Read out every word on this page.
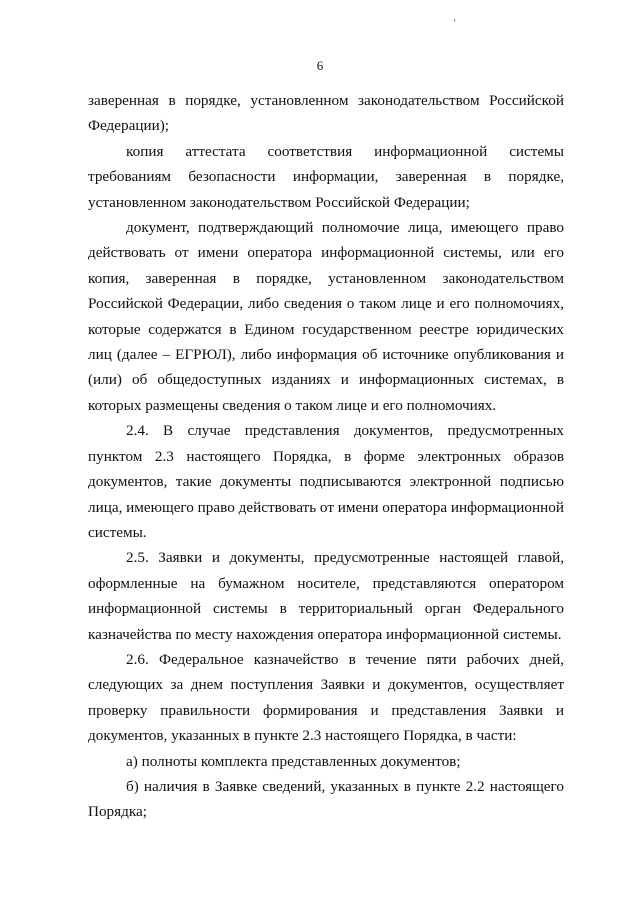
‘
6

заверенная в порядке, установленном законодательством Российской Федерации);

копия аттестата соответствия информационной системы требованиям безопасности информации, заверенная в порядке, установленном законодательством Российской Федерации;

документ, подтверждающий полномочие лица, имеющего право действовать от имени оператора информационной системы, или его копия, заверенная в порядке, установленном законодательством Российской Федерации, либо сведения о таком лице и его полномочиях, которые содержатся в Едином государственном реестре юридических лиц (далее – ЕГРЮЛ), либо информация об источнике опубликования и (или) об общедоступных изданиях и информационных системах, в которых размещены сведения о таком лице и его полномочиях.

2.4. В случае представления документов, предусмотренных пунктом 2.3 настоящего Порядка, в форме электронных образов документов, такие документы подписываются электронной подписью лица, имеющего право действовать от имени оператора информационной системы.

2.5. Заявки и документы, предусмотренные настоящей главой, оформленные на бумажном носителе, представляются оператором информационной системы в территориальный орган Федерального казначейства по месту нахождения оператора информационной системы.

2.6. Федеральное казначейство в течение пяти рабочих дней, следующих за днем поступления Заявки и документов, осуществляет проверку правильности формирования и представления Заявки и документов, указанных в пункте 2.3 настоящего Порядка, в части:

а) полноты комплекта представленных документов;

б) наличия в Заявке сведений, указанных в пункте 2.2 настоящего Порядка;
